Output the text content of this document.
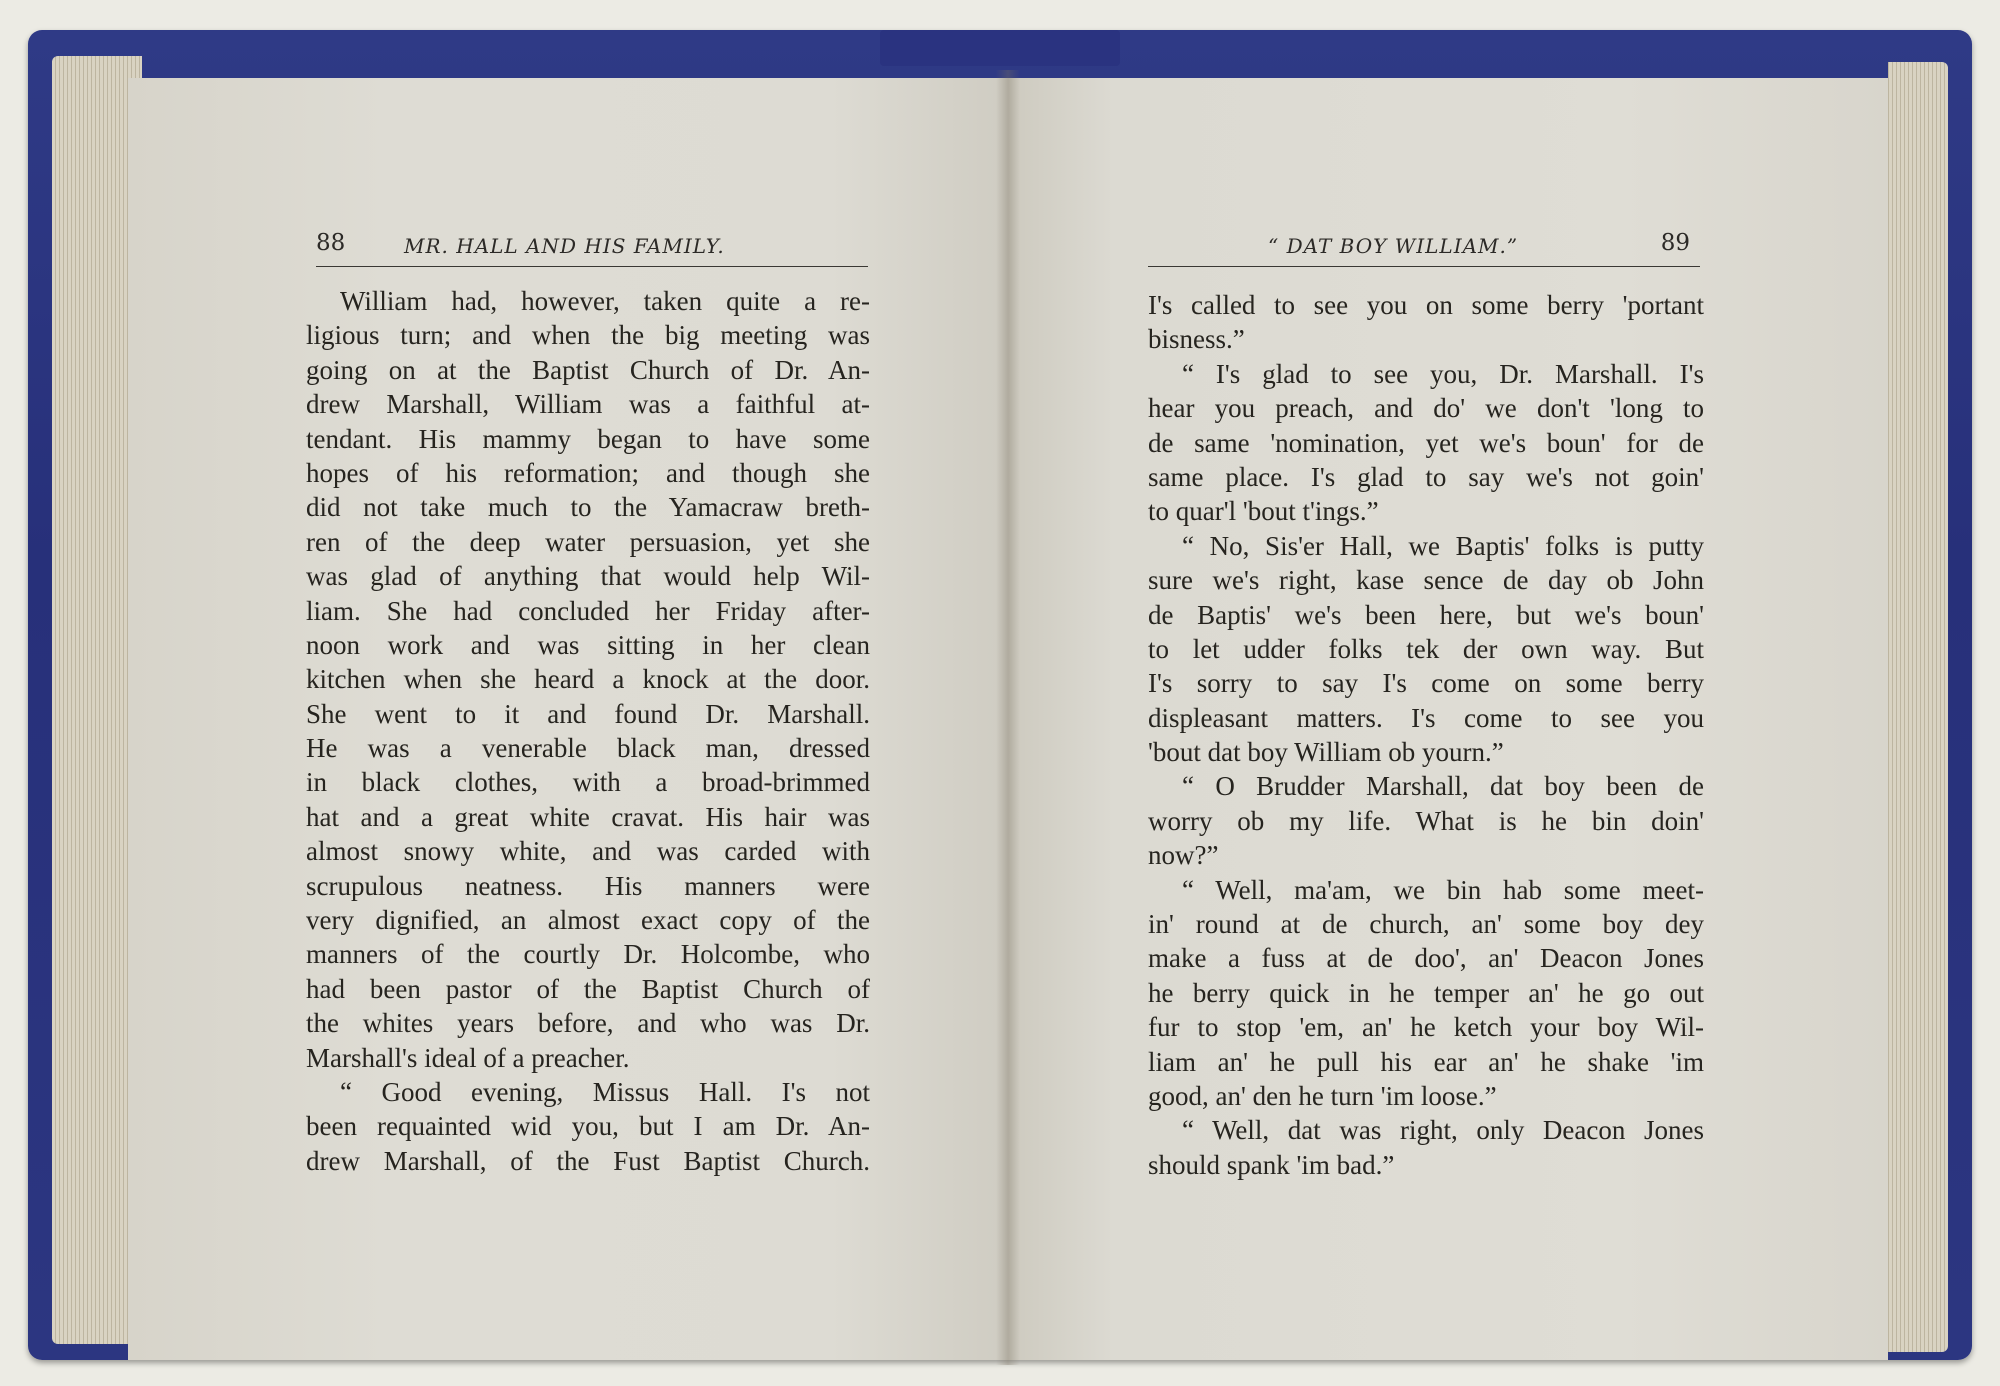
88	MR. HALL AND HIS FAMILY.	“ DAT BOY WILLIAM.”	89
William had, however, taken quite a re-
ligious turn; and when the big meeting was
going on at the Baptist Church of Dr. An-
drew Marshall, William was a faithful at-
tendant. His mammy began to have some
hopes of his reformation; and though she
did not take much to the Yamacraw breth-
ren of the deep water persuasion, yet she
was glad of anything that would help Wil-
liam. She had concluded her Friday after-
noon work and was sitting in her clean
kitchen when she heard a knock at the door.
She went to it and found Dr. Marshall.
He was a venerable black man, dressed
in black clothes, with a broad-brimmed
hat and a great white cravat. His hair was
almost snowy white, and was carded with
scrupulous neatness. His manners were
very dignified, an almost exact copy of the
manners of the courtly Dr. Holcombe, who
had been pastor of the Baptist Church of
the whites years before, and who was Dr.
Marshall's ideal of a preacher.
“ Good evening, Missus Hall. I's not
been requainted wid you, but I am Dr. An-
drew Marshall, of the Fust Baptist Church.
I's called to see you on some berry 'portant
bisness.”
“ I's glad to see you, Dr. Marshall. I's
hear you preach, and do' we don't 'long to
de same 'nomination, yet we's boun' for de
same place. I's glad to say we's not goin'
to quar'l 'bout t'ings.”
“ No, Sis'er Hall, we Baptis' folks is putty
sure we's right, kase sence de day ob John
de Baptis' we's been here, but we's boun'
to let udder folks tek der own way. But
I's sorry to say I's come on some berry
displeasant matters. I's come to see you
'bout dat boy William ob yourn.”
“ O Brudder Marshall, dat boy been de
worry ob my life. What is he bin doin'
now?”
“ Well, ma'am, we bin hab some meet-
in' round at de church, an' some boy dey
make a fuss at de doo', an' Deacon Jones
he berry quick in he temper an' he go out
fur to stop 'em, an' he ketch your boy Wil-
liam an' he pull his ear an' he shake 'im
good, an' den he turn 'im loose.”
“ Well, dat was right, only Deacon Jones
should spank 'im bad.”
